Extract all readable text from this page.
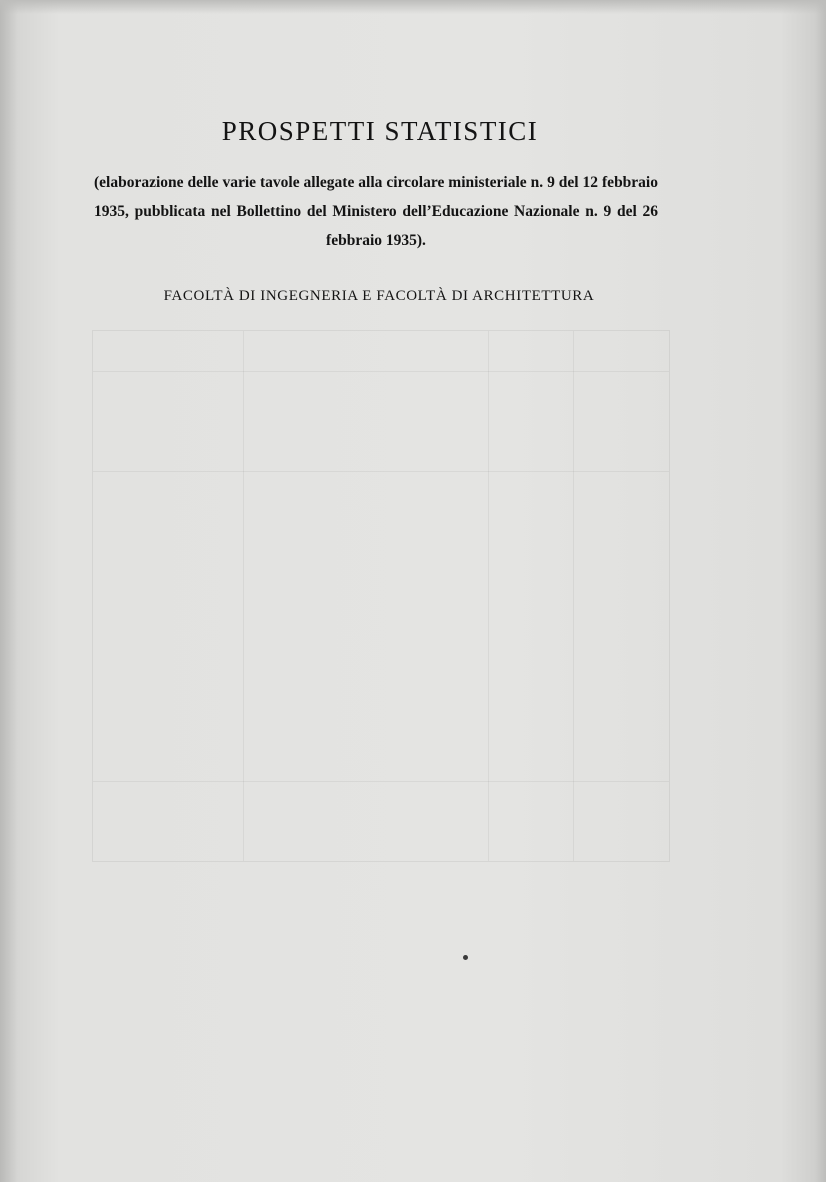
PROSPETTI STATISTICI

(elaborazione delle varie tavole allegate alla circolare ministeriale n. 9 del 12 febbraio 1935, pubblicata nel Bollettino del Ministero dell’Educazione Nazionale n. 9 del 26 febbraio 1935).

FACOLTÀ DI INGEGNERIA E FACOLTÀ DI ARCHITETTURA
